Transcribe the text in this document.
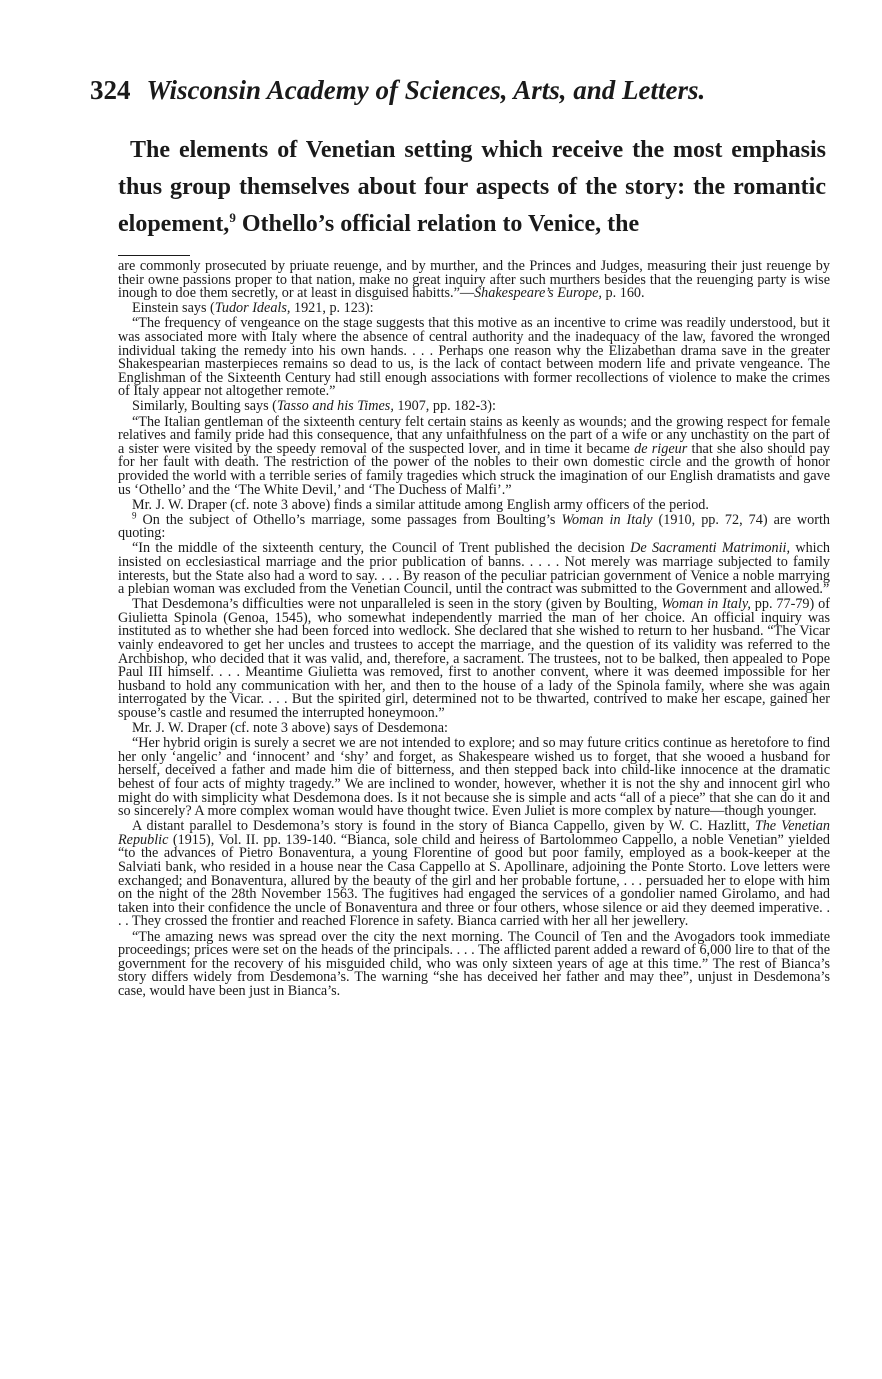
324 Wisconsin Academy of Sciences, Arts, and Letters.
The elements of Venetian setting which receive the most emphasis thus group themselves about four aspects of the story: the romantic elopement,$^9$ Othello’s official relation to Venice, the

are commonly prosecuted by priuate reuenge, and by murther, and the Princes and Judges, measuring their just reuenge by their owne passions proper to that nation, make no great inquiry after such murthers besides that the reuenging party is wise inough to doe them secretly, or at least in disguised habitts.”—Shakespeare’s Europe, p. 160.

Einstein says (Tudor Ideals, 1921, p. 123):

“The frequency of vengeance on the stage suggests that this motive as an incentive to crime was readily understood, but it was associated more with Italy where the absence of central authority and the inadequacy of the law, favored the wronged individual taking the remedy into his own hands. . . . Perhaps one reason why the Elizabethan drama save in the greater Shakespearian masterpieces remains so dead to us, is the lack of contact between modern life and private vengeance. The Englishman of the Sixteenth Century had still enough associations with former recollections of violence to make the crimes of Italy appear not altogether remote.”

Similarly, Boulting says (Tasso and his Times, 1907, pp. 182-3):

“The Italian gentleman of the sixteenth century felt certain stains as keenly as wounds; and the growing respect for female relatives and family pride had this consequence, that any unfaithfulness on the part of a wife or any unchastity on the part of a sister were visited by the speedy removal of the suspected lover, and in time it became de rigeur that she also should pay for her fault with death. The restriction of the power of the nobles to their own domestic circle and the growth of honor provided the world with a terrible series of family tragedies which struck the imagination of our English dramatists and gave us ‘Othello’ and the ‘The White Devil,’ and ‘The Duchess of Malfi’.”

Mr. J. W. Draper (cf. note 3 above) finds a similar attitude among English army officers of the period.

$^9$ On the subject of Othello’s marriage, some passages from Boulting’s Woman in Italy (1910, pp. 72, 74) are worth quoting:

“In the middle of the sixteenth century, the Council of Trent published the decision De Sacramenti Matrimonii, which insisted on ecclesiastical marriage and the prior publication of banns. . . . . Not merely was marriage subjected to family interests, but the State also had a word to say. . . . By reason of the peculiar patrician government of Venice a noble marrying a plebian woman was excluded from the Venetian Council, until the contract was submitted to the Government and allowed.”

That Desdemona’s difficulties were not unparalleled is seen in the story (given by Boulting, Woman in Italy, pp. 77-79) of Giulietta Spinola (Genoa, 1545), who somewhat independently married the man of her choice. An official inquiry was instituted as to whether she had been forced into wedlock. She declared that she wished to return to her husband. “The Vicar vainly endeavored to get her uncles and trustees to accept the marriage, and the question of its validity was referred to the Archbishop, who decided that it was valid, and, therefore, a sacrament. The trustees, not to be balked, then appealed to Pope Paul III himself. . . . Meantime Giulietta was removed, first to another convent, where it was deemed impossible for her husband to hold any communication with her, and then to the house of a lady of the Spinola family, where she was again interrogated by the Vicar. . . . But the spirited girl, determined not to be thwarted, contrived to make her escape, gained her spouse’s castle and resumed the interrupted honeymoon.”

Mr. J. W. Draper (cf. note 3 above) says of Desdemona:

“Her hybrid origin is surely a secret we are not intended to explore; and so may future critics continue as heretofore to find her only ‘angelic’ and ‘innocent’ and ‘shy’ and forget, as Shakespeare wished us to forget, that she wooed a husband for herself, deceived a father and made him die of bitterness, and then stepped back into child-like innocence at the dramatic behest of four acts of mighty tragedy.” We are inclined to wonder, however, whether it is not the shy and innocent girl who might do with simplicity what Desdemona does. Is it not because she is simple and acts “all of a piece” that she can do it and so sincerely? A more complex woman would have thought twice. Even Juliet is more complex by nature—though younger.

A distant parallel to Desdemona’s story is found in the story of Bianca Cappello, given by W. C. Hazlitt, The Venetian Republic (1915), Vol. II. pp. 139-140. “Bianca, sole child and heiress of Bartolommeo Cappello, a noble Venetian” yielded “to the advances of Pietro Bonaventura, a young Florentine of good but poor family, employed as a book-keeper at the Salviati bank, who resided in a house near the Casa Cappello at S. Apollinare, adjoining the Ponte Storto. Love letters were exchanged; and Bonaventura, allured by the beauty of the girl and her probable fortune, . . . persuaded her to elope with him on the night of the 28th November 1563. The fugitives had engaged the services of a gondolier named Girolamo, and had taken into their confidence the uncle of Bonaventura and three or four others, whose silence or aid they deemed imperative. . . . They crossed the frontier and reached Florence in safety. Bianca carried with her all her jewellery.

“The amazing news was spread over the city the next morning. The Council of Ten and the Avogadors took immediate proceedings; prices were set on the heads of the principals. . . . The afflicted parent added a reward of 6,000 lire to that of the government for the recovery of his misguided child, who was only sixteen years of age at this time.” The rest of Bianca’s story differs widely from Desdemona’s. The warning “she has deceived her father and may thee”, unjust in Desdemona’s case, would have been just in Bianca’s.
